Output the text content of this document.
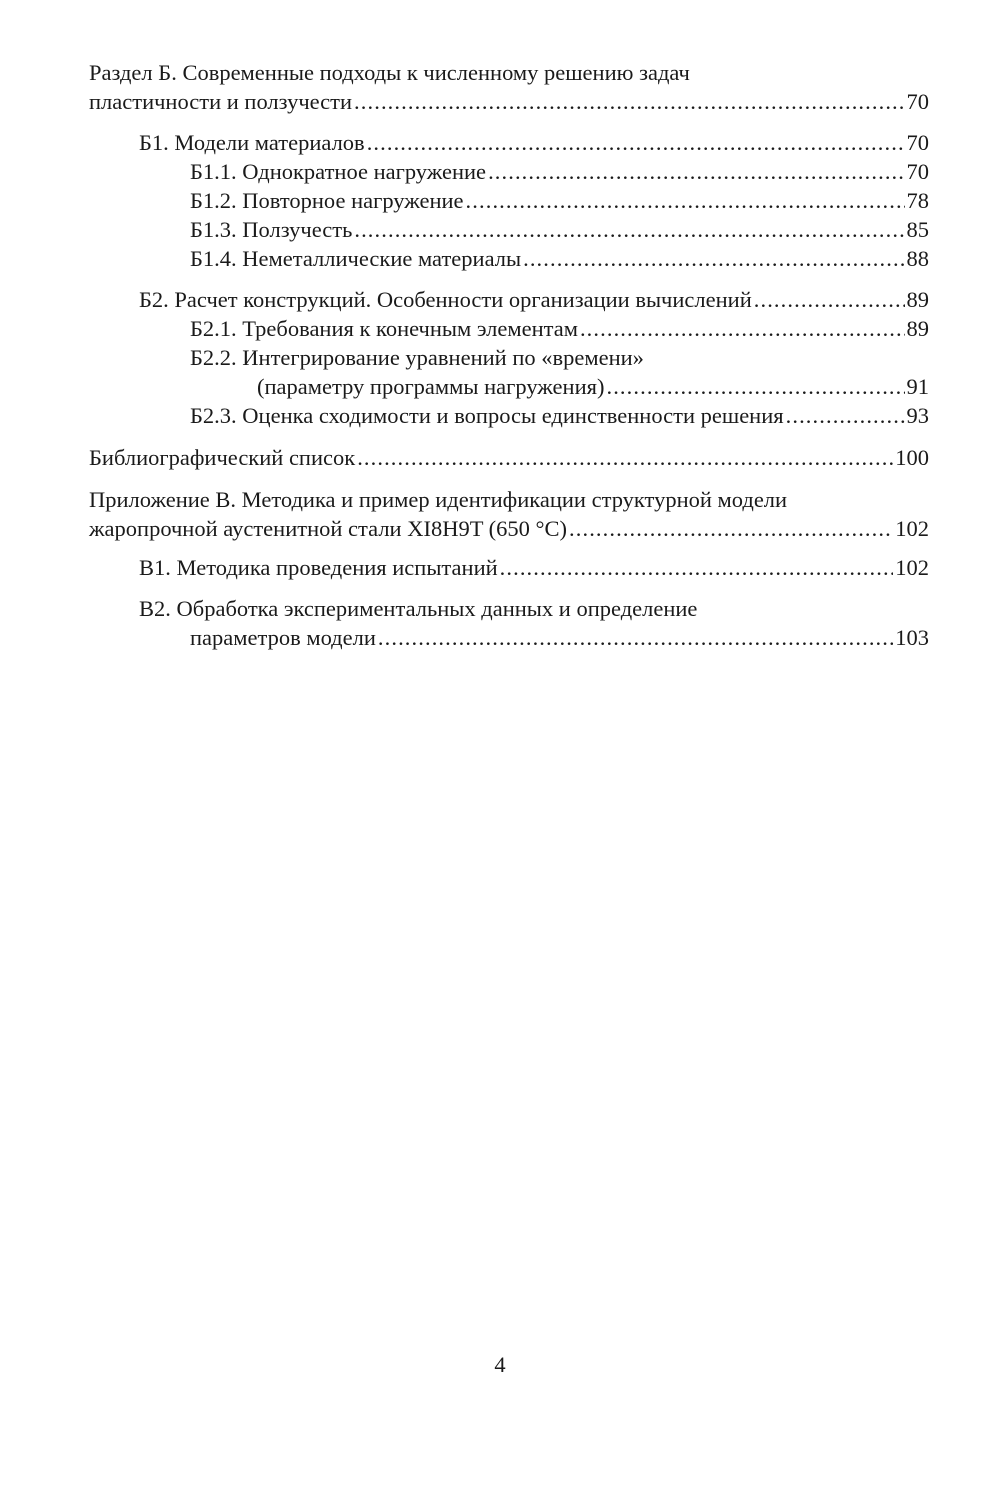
Раздел Б. Современные подходы к численному решению задач
пластичности и ползучести .....	70
Б1. Модели материалов .....	70
Б1.1. Однократное нагружение .....	70
Б1.2. Повторное нагружение .....	78
Б1.3. Ползучесть .....	85
Б1.4. Неметаллические материалы .....	88
Б2. Расчет конструкций. Особенности организации вычислений .....	89
Б2.1. Требования к конечным элементам .....	89
Б2.2. Интегрирование уравнений по «времени»
(параметру программы нагружения) .....	91
Б2.3. Оценка сходимости и вопросы единственности решения .....	93
Библиографический список .....	100
Приложение В. Методика и пример идентификации структурной модели
жаропрочной аустенитной стали XI8H9T (650 °C) .....	102
В1. Методика проведения испытаний .....	102
В2. Обработка экспериментальных данных и определение
параметров модели .....	103
4
